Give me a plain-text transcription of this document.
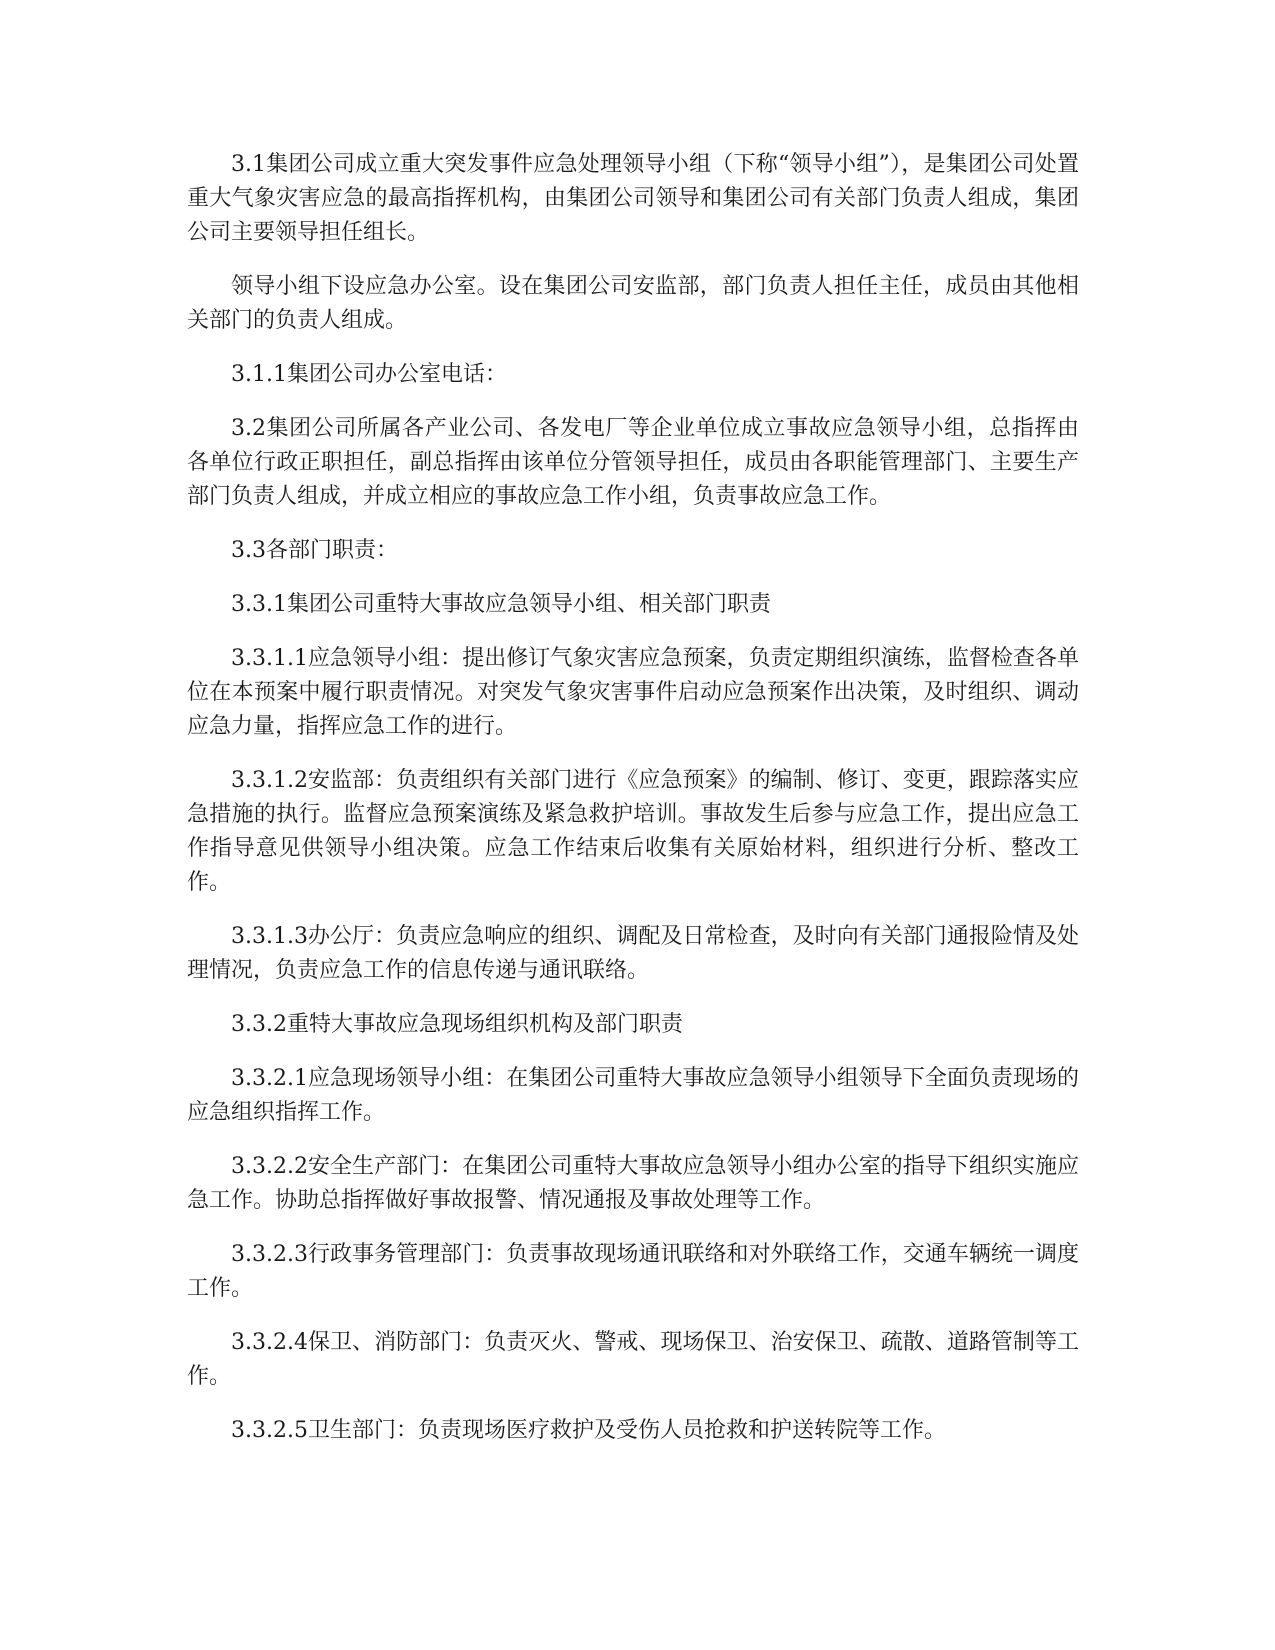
3.1集团公司成立重大突发事件应急处理领导小组（下称“领导小组”），是集团公司处置重大气象灾害应急的最高指挥机构，由集团公司领导和集团公司有关部门负责人组成，集团公司主要领导担任组长。

领导小组下设应急办公室。设在集团公司安监部，部门负责人担任主任，成员由其他相关部门的负责人组成。

3.1.1集团公司办公室电话：

3.2集团公司所属各产业公司、各发电厂等企业单位成立事故应急领导小组，总指挥由各单位行政正职担任，副总指挥由该单位分管领导担任，成员由各职能管理部门、主要生产部门负责人组成，并成立相应的事故应急工作小组，负责事故应急工作。

3.3各部门职责：

3.3.1集团公司重特大事故应急领导小组、相关部门职责

3.3.1.1应急领导小组：提出修订气象灾害应急预案，负责定期组织演练，监督检查各单位在本预案中履行职责情况。对突发气象灾害事件启动应急预案作出决策，及时组织、调动应急力量，指挥应急工作的进行。

3.3.1.2安监部：负责组织有关部门进行《应急预案》的编制、修订、变更，跟踪落实应急措施的执行。监督应急预案演练及紧急救护培训。事故发生后参与应急工作，提出应急工作指导意见供领导小组决策。应急工作结束后收集有关原始材料，组织进行分析、整改工作。

3.3.1.3办公厅：负责应急响应的组织、调配及日常检查，及时向有关部门通报险情及处理情况，负责应急工作的信息传递与通讯联络。

3.3.2重特大事故应急现场组织机构及部门职责

3.3.2.1应急现场领导小组：在集团公司重特大事故应急领导小组领导下全面负责现场的应急组织指挥工作。

3.3.2.2安全生产部门：在集团公司重特大事故应急领导小组办公室的指导下组织实施应急工作。协助总指挥做好事故报警、情况通报及事故处理等工作。

3.3.2.3行政事务管理部门：负责事故现场通讯联络和对外联络工作，交通车辆统一调度工作。

3.3.2.4保卫、消防部门：负责灭火、警戒、现场保卫、治安保卫、疏散、道路管制等工作。

3.3.2.5卫生部门：负责现场医疗救护及受伤人员抢救和护送转院等工作。
